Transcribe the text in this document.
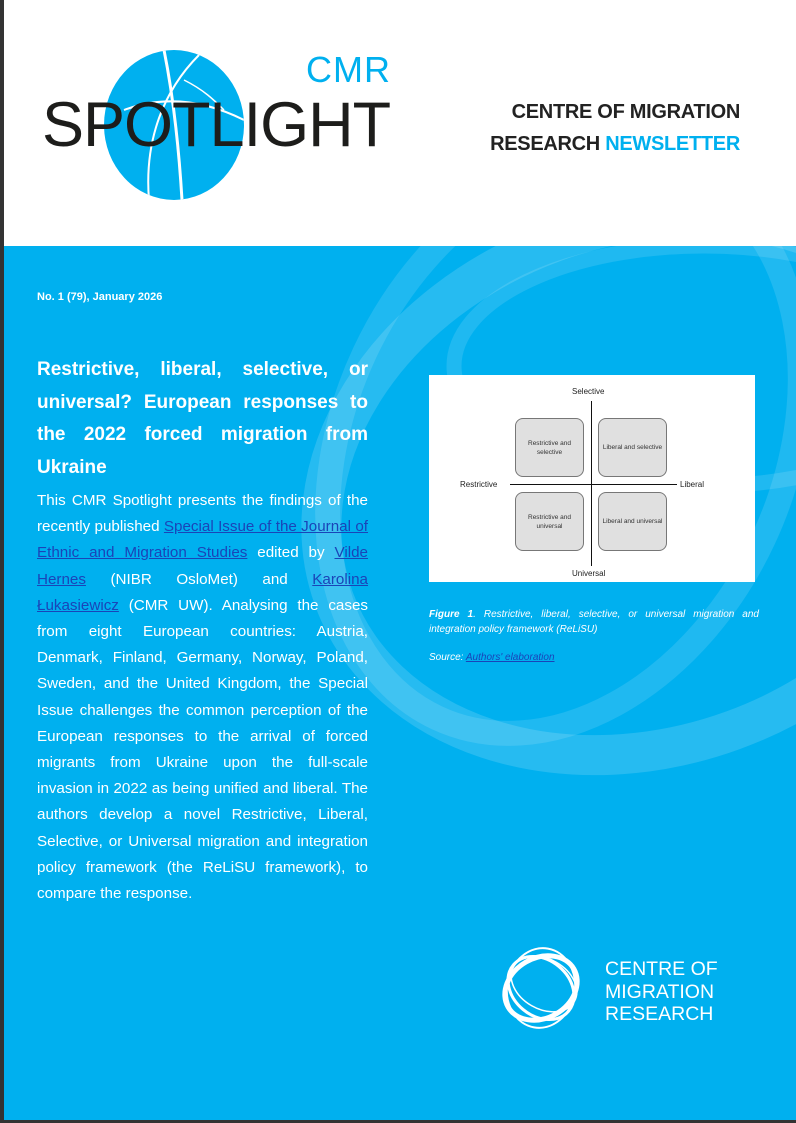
CMR
SPOTLIGHT	CENTRE OF MIGRATION
RESEARCH NEWSLETTER
No. 1 (79), January 2026
Restrictive, liberal, selective, or universal? European responses to the 2022 forced migration from Ukraine
This CMR Spotlight presents the findings of the recently published Special Issue of the Journal of Ethnic and Migration Studies edited by Vilde Hernes (NIBR OsloMet) and Karolina Łukasiewicz (CMR UW). Analysing the cases from eight European countries: Austria, Denmark, Finland, Germany, Norway, Poland, Sweden, and the United Kingdom, the Special Issue challenges the common perception of the European responses to the arrival of forced migrants from Ukraine upon the full-scale invasion in 2022 as being unified and liberal. The authors develop a novel Restrictive, Liberal, Selective, or Universal migration and integration policy framework (the ReLiSU framework), to compare the response.
Selective
Universal
Restrictive	Liberal
Restrictive and selective
Liberal and selective
Restrictive and universal
Liberal and universal
Figure 1. Restrictive, liberal, selective, or universal migration and integration policy framework (ReLiSU)
Source: Authors' elaboration
CENTRE OF
MIGRATION
RESEARCH
